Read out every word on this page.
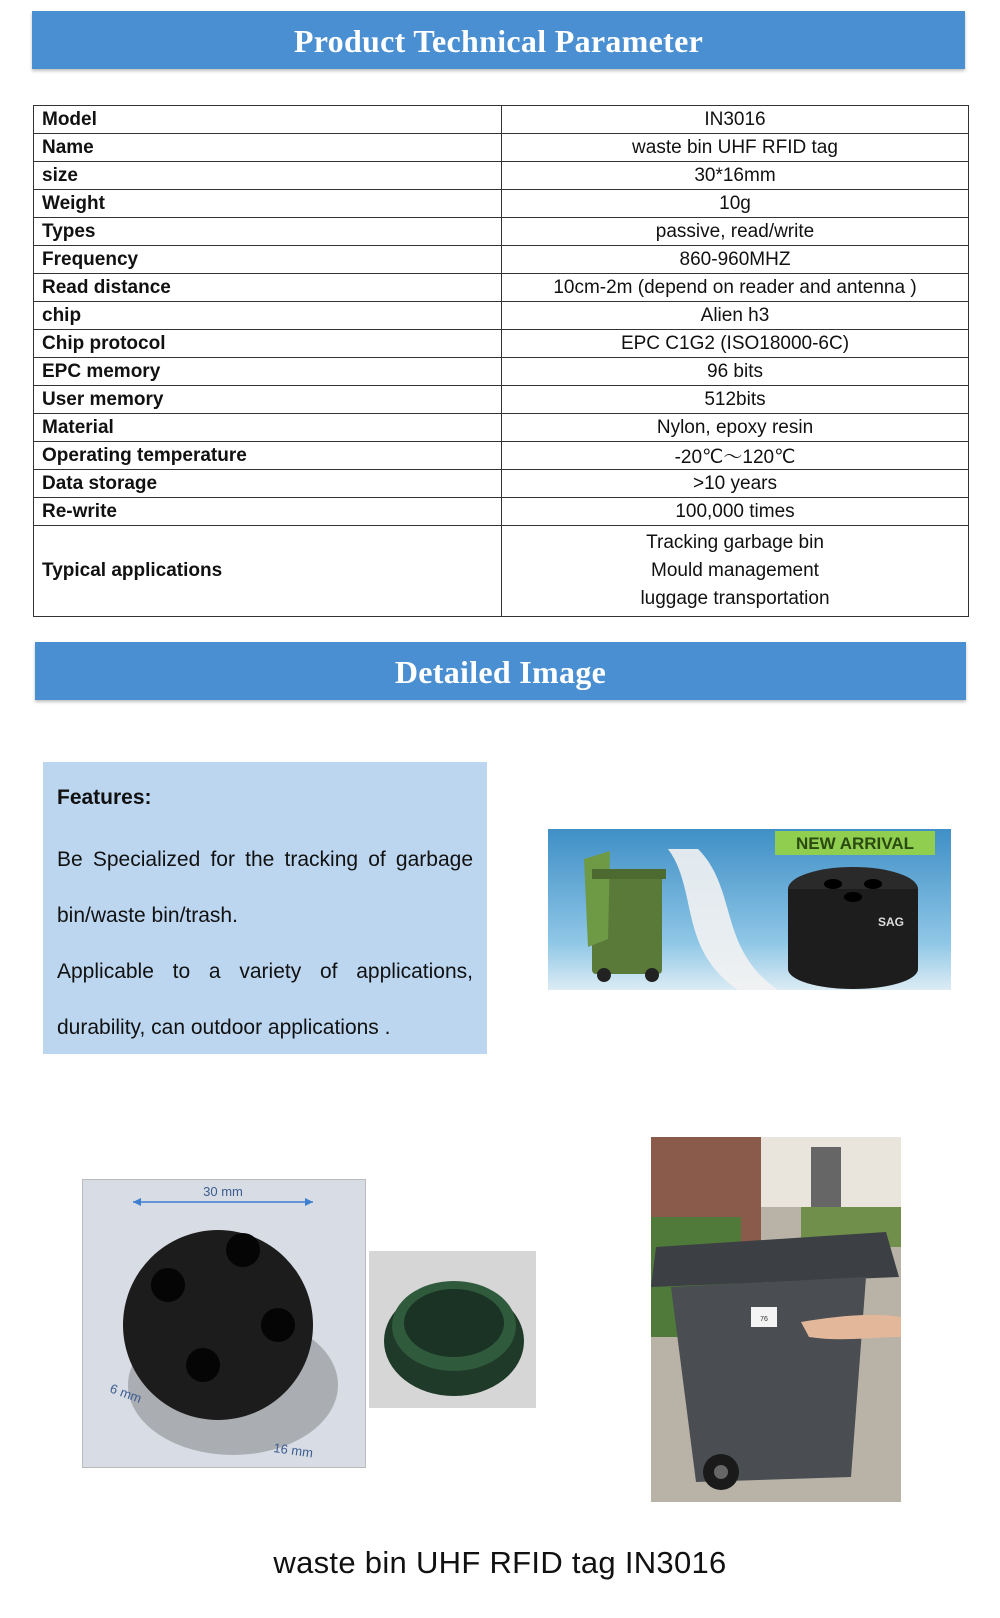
Product Technical Parameter
Model	IN3016
Name	waste bin UHF RFID tag
size	30*16mm
Weight	10g
Types	passive, read/write
Frequency	860-960MHZ
Read distance	10cm-2m (depend on reader and antenna )
chip	Alien h3
Chip protocol	EPC C1G2 (ISO18000-6C)
EPC memory	96 bits
User memory	512bits
Material	Nylon, epoxy resin
Operating temperature	-20℃～120℃
Data storage	>10 years
Re-write	100,000 times
Typical applications	Tracking garbage bin
Mould management
luggage transportation
Detailed Image
Features:

Be Specialized for the tracking of garbage bin/waste bin/trash.

Applicable to a variety of applications, durability, can outdoor applications .

SAG
NEW ARRIVAL
30 mm
6 mm
16 mm
76
waste bin UHF RFID tag IN3016
